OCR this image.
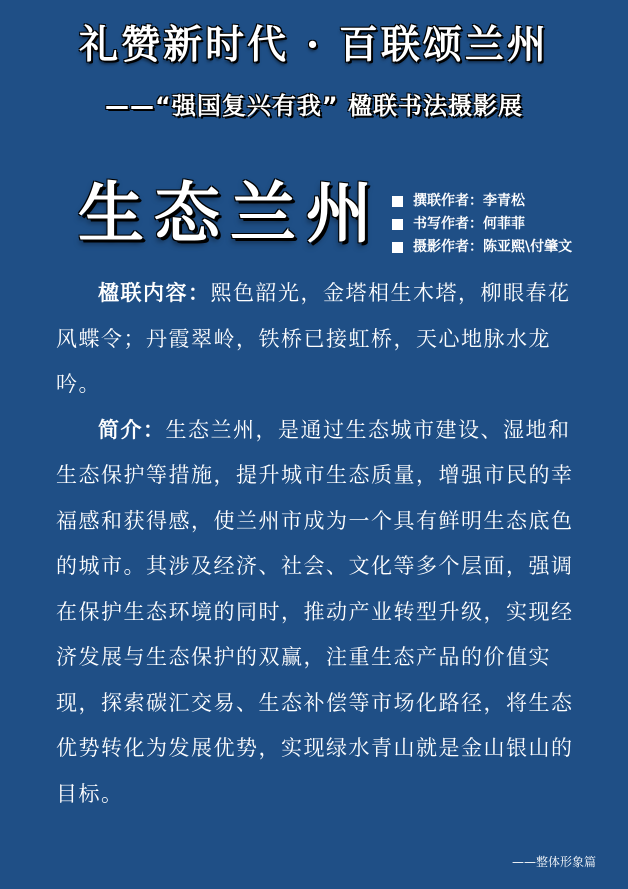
礼赞新时代 · 百联颂兰州
——“强国复兴有我” 楹联书法摄影展
生态兰州 撰联作者： 李青松
书写作者： 何菲菲
摄影作者： 陈亚熙\付肇文

楹联内容：熙色韶光，金塔相生木塔，柳眼春花风蝶令；丹霞翠岭，铁桥已接虹桥，天心地脉水龙吟。

简介：生态兰州，是通过生态城市建设、湿地和生态保护等措施，提升城市生态质量，增强市民的幸福感和获得感，使兰州市成为一个具有鲜明生态底色的城市。其涉及经济、社会、文化等多个层面，强调在保护生态环境的同时，推动产业转型升级，实现经济发展与生态保护的双赢，注重生态产品的价值实现，探索碳汇交易、生态补偿等市场化路径，将生态优势转化为发展优势，实现绿水青山就是金山银山的目标。

——整体形象篇
